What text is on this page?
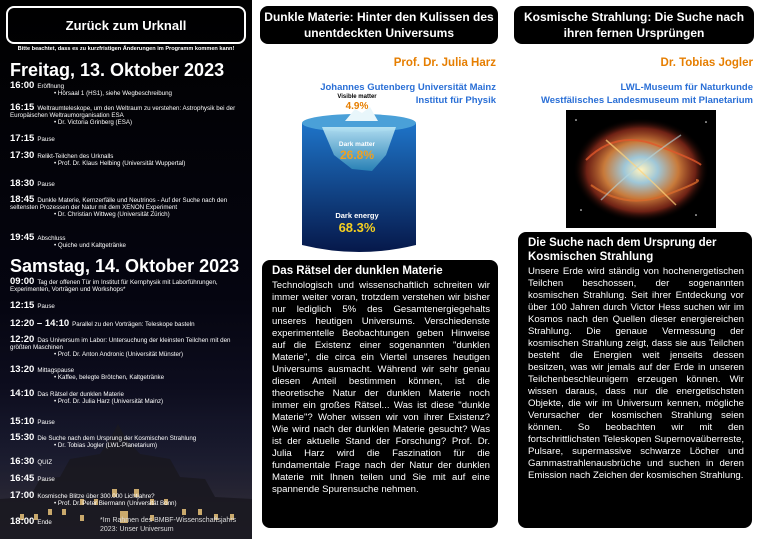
Zurück zum Urknall
Bitte beachtet, dass es zu kurzfristigen Änderungen im Programm kommen kann!
Freitag, 13. Oktober 2023
16:00 Eröffnung
• Hörsaal 1 (HS1), siehe Wegbeschreibung
16:15 Weltraumteleskope, um den Weltraum zu verstehen: Astrophysik bei der Europäischen Weltraumorganisation ESA
• Dr. Victoria Grinberg (ESA)
17:15 Pause
17:30 Relikt-Teilchen des Urknalls
• Prof. Dr. Klaus Helbing (Universität Wuppertal)
18:30 Pause
18:45 Dunkle Materie, Kernzerfälle und Neutrinos - Auf der Suche nach den seltensten Prozessen der Natur mit dem XENON Experiment
• Dr. Christian Wittweg (Universität Zürich)
19:45 Abschluss
• Quiche und Kaltgetränke
Samstag, 14. Oktober 2023
09:00 Tag der offenen Tür im Institut für Kernphysik mit Laborführungen, Experimenten, Vorträgen und Workshops*
12:15 Pause
12:20 – 14:10 Parallel zu den Vorträgen: Teleskope basteln
12:20 Das Universum im Labor: Untersuchung der kleinsten Teilchen mit den größten Maschinen
• Prof. Dr. Anton Andronic (Universität Münster)
13:20 Mittagspause
• Kaffee, belegte Brötchen, Kaltgetränke
14:10 Das Rätsel der dunklen Materie
• Prof. Dr. Julia Harz (Universität Mainz)
15:10 Pause
15:30 Die Suche nach dem Ursprung der Kosmischen Strahlung
• Dr. Tobias Jogler (LWL-Planetarium)
16:30 QUIZ
16:45 Pause
17:00 Kosmische Blitze über 300.000 Lichtjahre?
• Prof. Dr. Peter Biermann (Universität Bonn)
18:00 Ende	*Im Rahmen des BMBF-Wissenschaftsjahrs 2023: Unser Universum
Dunkle Materie: Hinter den Kulissen des unentdeckten Universums
Prof. Dr. Julia Harz
Johannes Gutenberg Universität Mainz
Institut für Physik
Visible matter
4.9%
Dark matter
26.8%
Dark energy
68.3%
Das Rätsel der dunklen Materie
Technologisch und wissenschaftlich schreiten wir immer weiter voran, trotzdem verstehen wir bisher nur lediglich 5% des Gesamtenergiegehalts unseres heutigen Universums. Verschiedenste experimentelle Beobachtungen geben Hinweise auf die Existenz einer sogenannten "dunklen Materie", die circa ein Viertel unseres heutigen Universums ausmacht. Während wir sehr genau diesen Anteil bestimmen können, ist die theoretische Natur der dunklen Materie noch immer ein großes Rätsel... Was ist diese "dunkle Materie"? Woher wissen wir von ihrer Existenz? Wie wird nach der dunklen Materie gesucht? Was ist der aktuelle Stand der Forschung? Prof. Dr. Julia Harz wird die Faszination für die fundamentale Frage nach der Natur der dunklen Materie mit Ihnen teilen und Sie mit auf eine spannende Spurensuche nehmen.
Kosmische Strahlung: Die Suche nach ihren fernen Ursprüngen
Dr. Tobias Jogler
LWL-Museum für Naturkunde
Westfälisches Landesmuseum mit Planetarium
Die Suche nach dem Ursprung der Kosmischen Strahlung
Unsere Erde wird ständig von hochenergetischen Teilchen beschossen, der sogenannten kosmischen Strahlung. Seit ihrer Entdeckung vor über 100 Jahren durch Victor Hess suchen wir im Kosmos nach den Quellen dieser energiereichen Strahlung. Die genaue Vermessung der kosmischen Strahlung zeigt, dass sie aus Teilchen besteht die Energien weit jenseits dessen besitzen, was wir jemals auf der Erde in unseren Teilchenbeschleunigern erzeugen können. Wir wissen daraus, dass nur die energetischsten Objekte, die wir im Universum kennen, mögliche Verursacher der kosmischen Strahlung seien können. So beobachten wir mit den fortschrittlichsten Teleskopen Supernovaüberreste, Pulsare, supermassive schwarze Löcher und Gammastrahlenausbrüche und suchen in deren Emission nach Zeichen der kosmischen Strahlung.
